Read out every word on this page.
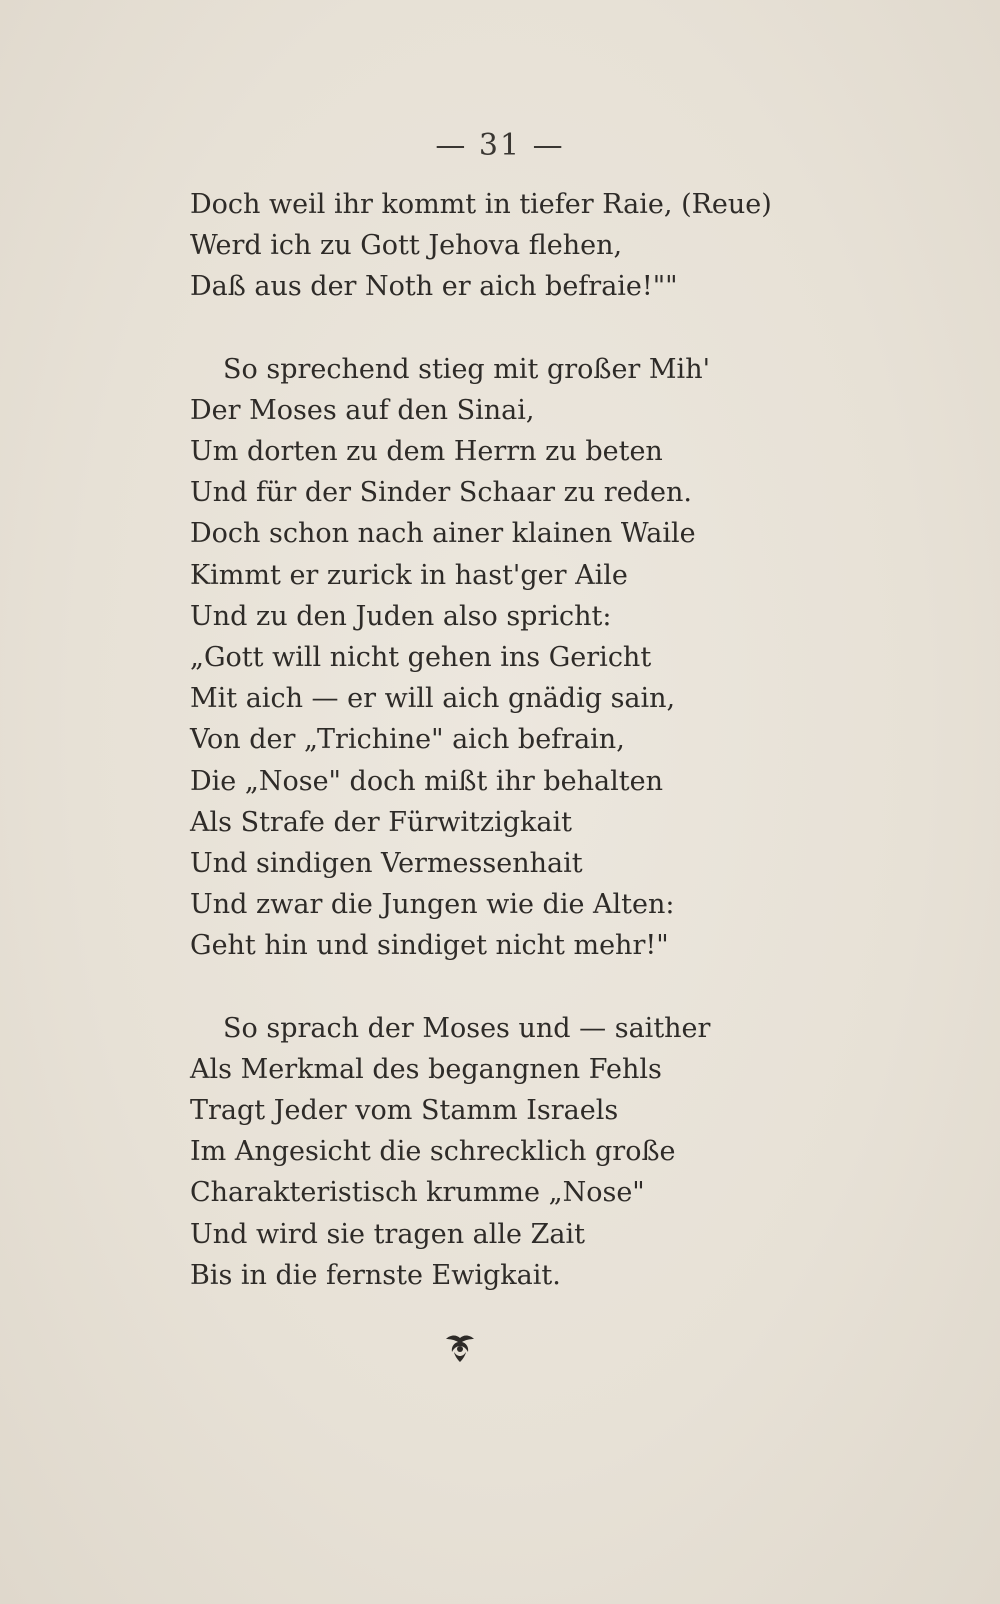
— 31 —
Doch weil ihr kommt in tiefer Raie, (Reue)
Werd ich zu Gott Jehova flehen,
Daß aus der Noth er aich befraie!""
So sprechend stieg mit großer Mih'
Der Moses auf den Sinai,
Um dorten zu dem Herrn zu beten
Und für der Sinder Schaar zu reden.
Doch schon nach ainer klainen Waile
Kimmt er zurick in hast'ger Aile
Und zu den Juden also spricht:
„Gott will nicht gehen ins Gericht
Mit aich — er will aich gnädig sain,
Von der „Trichine" aich befrain,
Die „Nose" doch mißt ihr behalten
Als Strafe der Fürwitzigkait
Und sindigen Vermessenhait
Und zwar die Jungen wie die Alten:
Geht hin und sindiget nicht mehr!"
So sprach der Moses und — saither
Als Merkmal des begangnen Fehls
Tragt Jeder vom Stamm Israels
Im Angesicht die schrecklich große
Charakteristisch krumme „Nose"
Und wird sie tragen alle Zait
Bis in die fernste Ewigkait.
